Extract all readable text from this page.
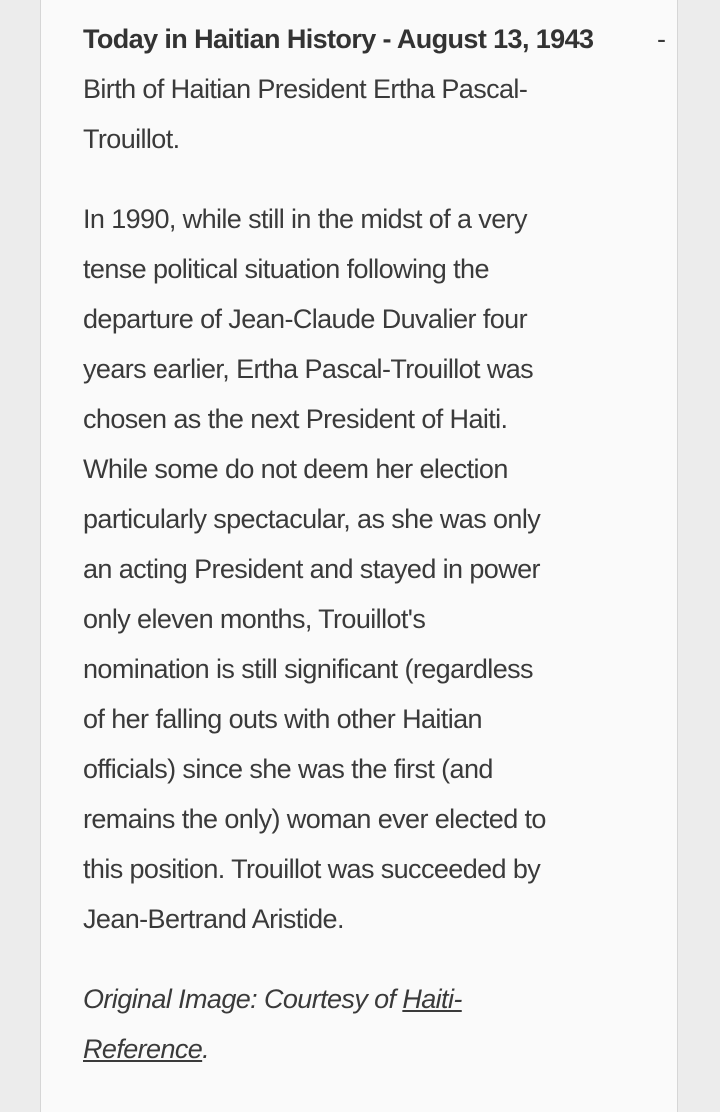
-

Today in Haitian History - August 13, 1943
Birth of Haitian President Ertha Pascal-
Trouillot.

In 1990, while still in the midst of a very
tense political situation following the
departure of Jean-Claude Duvalier four
years earlier, Ertha Pascal-Trouillot was
chosen as the next President of Haiti.
While some do not deem her election
particularly spectacular, as she was only
an acting President and stayed in power
only eleven months, Trouillot's
nomination is still significant (regardless
of her falling outs with other Haitian
officials) since she was the first (and
remains the only) woman ever elected to
this position. Trouillot was succeeded by
Jean-Bertrand Aristide.

Original Image: Courtesy of Haiti-
Reference.
